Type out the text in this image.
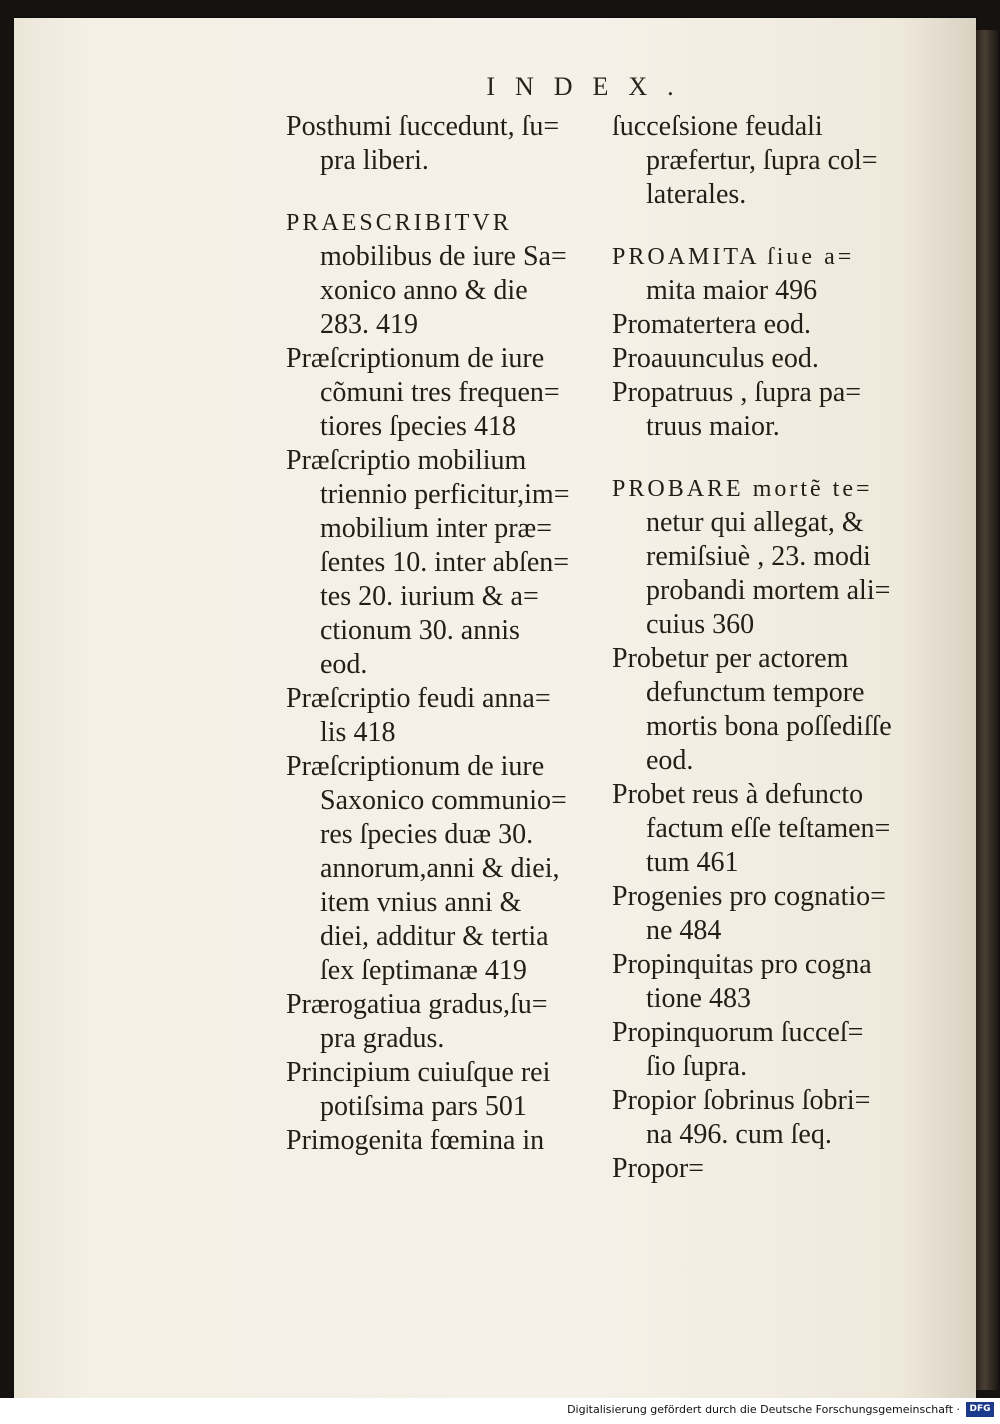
INDEX.
Posthumi ſuccedunt, ſu=
pra liberi.
PRAESCRIBITVR
mobilibus de iure Sa=
xonico anno & die
283. 419
Præſcriptionum de iure
cõmuni tres frequen=
tiores ſpecies 418
Præſcriptio mobilium
triennio perficitur,im=
mobilium inter præ=
ſentes 10. inter abſen=
tes 20. iurium & a=
ctionum 30. annis
eod.
Præſcriptio feudi anna=
lis 418
Præſcriptionum de iure
Saxonico communio=
res ſpecies duæ 30.
annorum,anni & diei,
item vnius anni &
diei, additur & tertia
ſex ſeptimanæ 419
Prærogatiua gradus,ſu=
pra gradus.
Principium cuiuſque rei
potiſsima pars 501
Primogenita fœmina in
ſucceſsione feudali
præfertur, ſupra col=
laterales.
PROAMITA ſiue a=
mita maior 496
Promatertera eod.
Proauunculus eod.
Propatruus , ſupra pa=
truus maior.
PROBARE mortẽ te=
netur qui allegat, &
remiſsiuè , 23. modi
probandi mortem ali=
cuius 360
Probetur per actorem
defunctum tempore
mortis bona poſſediſſe
eod.
Probet reus à defuncto
factum eſſe teſtamen=
tum 461
Progenies pro cognatio=
ne 484
Propinquitas pro cogna
tione 483
Propinquorum ſucceſ=
ſio ſupra.
Propior ſobrinus ſobri=
na 496. cum ſeq.
Propor=
Digitalisierung gefördert durch die Deutsche Forschungsgemeinschaft ·	DFG
